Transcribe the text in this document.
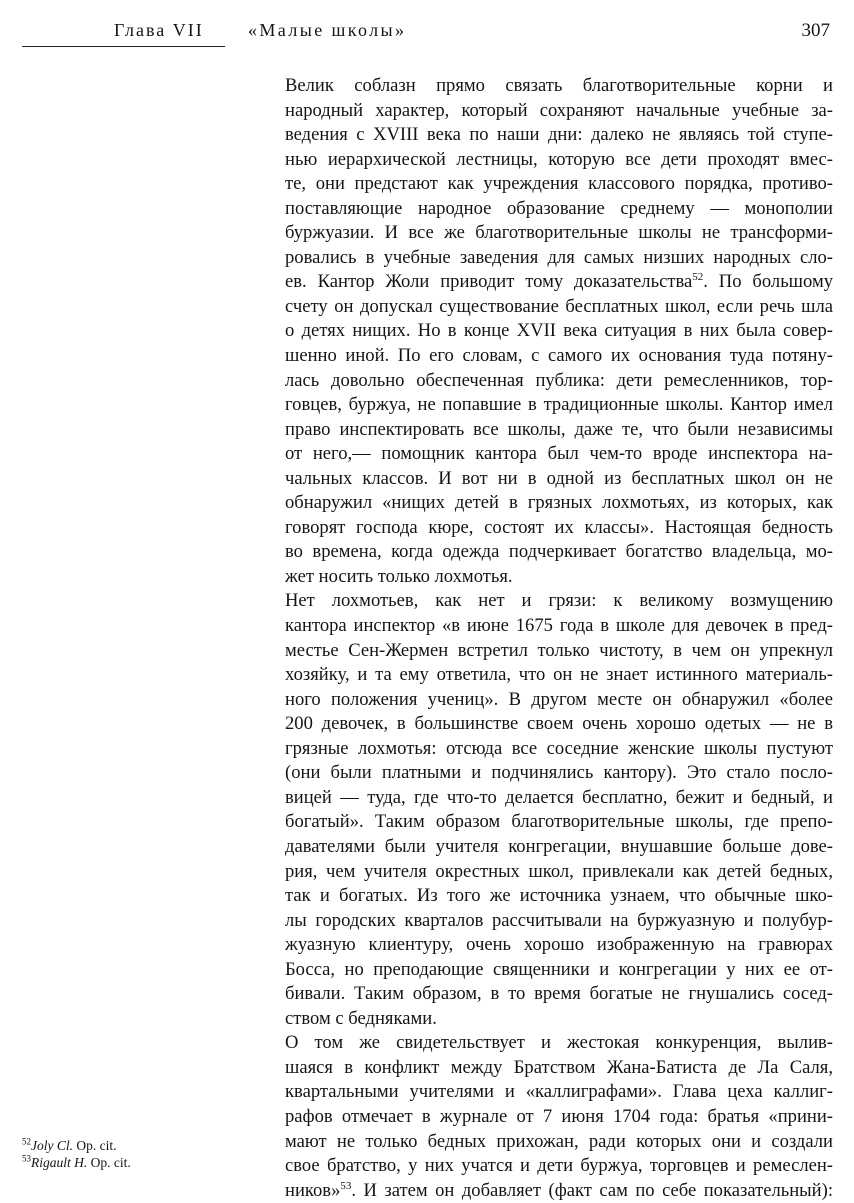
Глава VII «Малые школы»	307

Велик соблазн прямо связать благотворительные корни и
народный характер, который сохраняют начальные учебные за-
ведения с XVIII века по наши дни: далеко не являясь той ступе-
нью иерархической лестницы, которую все дети проходят вмес-
те, они предстают как учреждения классового порядка, противо-
поставляющие народное образование среднему — монополии
буржуазии. И все же благотворительные школы не трансформи-
ровались в учебные заведения для самых низших народных сло-
ев. Кантор Жоли приводит тому доказательства$^{52}$. По большому
счету он допускал существование бесплатных школ, если речь шла
о детях нищих. Но в конце XVII века ситуация в них была совер-
шенно иной. По его словам, с самого их основания туда потяну-
лась довольно обеспеченная публика: дети ремесленников, тор-
говцев, буржуа, не попавшие в традиционные школы. Кантор имел
право инспектировать все школы, даже те, что были независимы
от него,— помощник кантора был чем-то вроде инспектора на-
чальных классов. И вот ни в одной из бесплатных школ он не
обнаружил «нищих детей в грязных лохмотьях, из которых, как
говорят господа кюре, состоят их классы». Настоящая бедность
во времена, когда одежда подчеркивает богатство владельца, мо-
жет носить только лохмотья.

Нет лохмотьев, как нет и грязи: к великому возмущению
кантора инспектор «в июне 1675 года в школе для девочек в пред-
местье Сен-Жермен встретил только чистоту, в чем он упрекнул
хозяйку, и та ему ответила, что он не знает истинного материаль-
ного положения учениц». В другом месте он обнаружил «более
200 девочек, в большинстве своем очень хорошо одетых — не в
грязные лохмотья: отсюда все соседние женские школы пустуют
(они были платными и подчинялись кантору). Это стало посло-
вицей — туда, где что-то делается бесплатно, бежит и бедный, и
богатый». Таким образом благотворительные школы, где препо-
давателями были учителя конгрегации, внушавшие больше дове-
рия, чем учителя окрестных школ, привлекали как детей бедных,
так и богатых. Из того же источника узнаем, что обычные шко-
лы городских кварталов рассчитывали на буржуазную и полубур-
жуазную клиентуру, очень хорошо изображенную на гравюрах
Босса, но преподающие священники и конгрегации у них ее от-
бивали. Таким образом, в то время богатые не гнушались сосед-
ством с бедняками.

О том же свидетельствует и жестокая конкуренция, вылив-
шаяся в конфликт между Братством Жана-Батиста де Ла Саля,
квартальными учителями и «каллиграфами». Глава цеха каллиг-
рафов отмечает в журнале от 7 июня 1704 года: братья «прини-
мают не только бедных прихожан, ради которых они и создали
свое братство, у них учатся и дети буржуа, торговцев и ремеслен-
ников»$^{53}$. И затем он добавляет (факт сам по себе показательный):

$^{52}$Joly Cl. Op. cit.
$^{53}$Rigault H. Op. cit.
